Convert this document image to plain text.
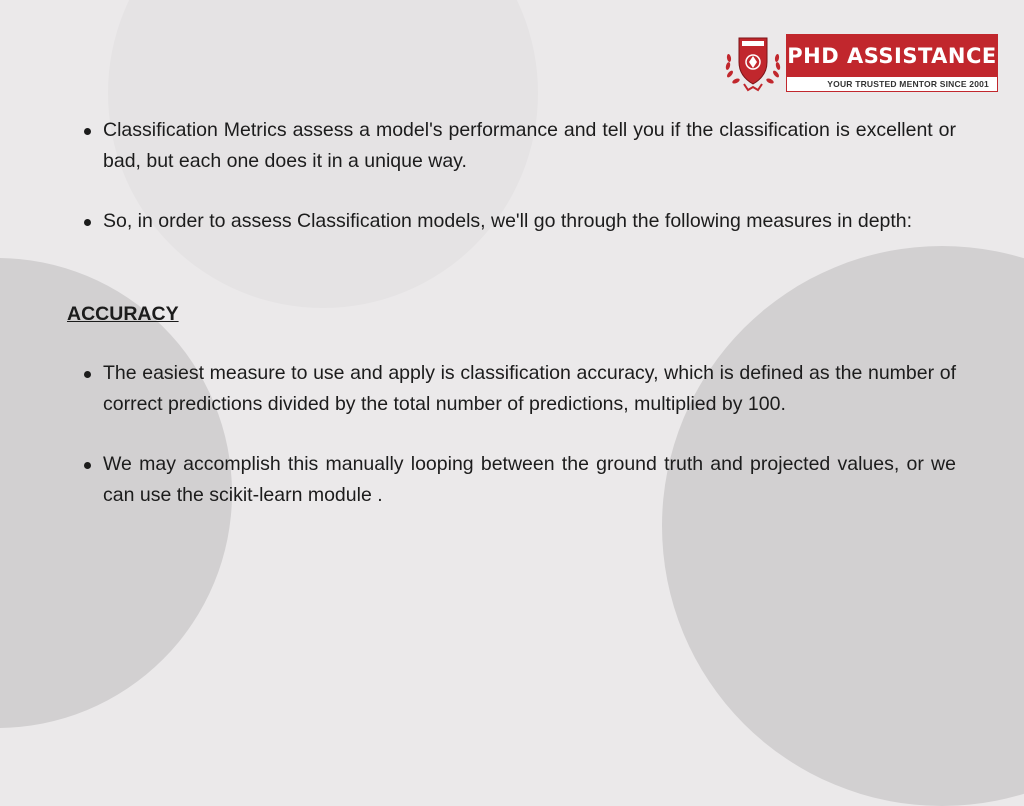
PHD ASSISTANCE
YOUR TRUSTED MENTOR SINCE 2001
Classification Metrics assess a model's performance and tell you if the classification is excellent or bad, but each one does it in a unique way.
So, in order to assess Classification models, we'll go through the following measures in depth:
ACCURACY
The easiest measure to use and apply is classification accuracy, which is defined as the number of correct predictions divided by the total number of predictions, multiplied by 100.
We may accomplish this manually looping between the ground truth and projected values, or we can use the scikit-learn module .
